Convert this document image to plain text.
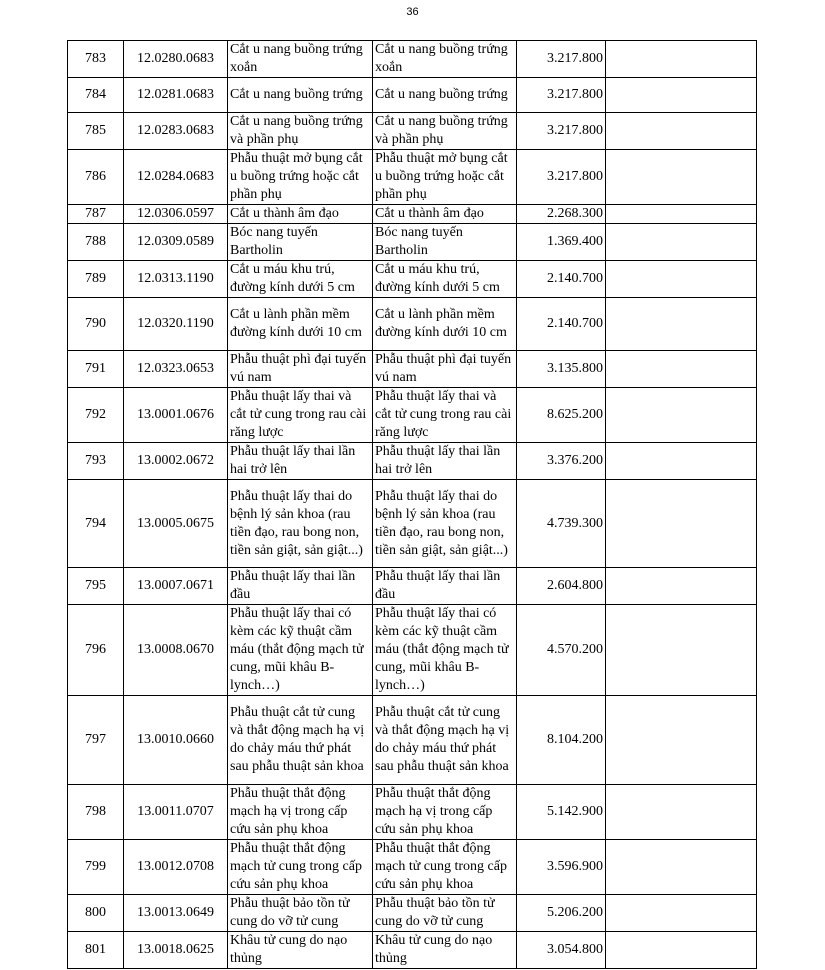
36
783	12.0280.0683	Cắt u nang buồng trứng xoắn	Cắt u nang buồng trứng xoắn	3.217.800	
784	12.0281.0683	Cắt u nang buồng trứng	Cắt u nang buồng trứng	3.217.800	
785	12.0283.0683	Cắt u nang buồng trứng và phần phụ	Cắt u nang buồng trứng và phần phụ	3.217.800	
786	12.0284.0683	Phẫu thuật mở bụng cắt u buồng trứng hoặc cắt phần phụ	Phẫu thuật mở bụng cắt u buồng trứng hoặc cắt phần phụ	3.217.800	
787	12.0306.0597	Cắt u thành âm đạo	Cắt u thành âm đạo	2.268.300	
788	12.0309.0589	Bóc nang tuyến Bartholin	Bóc nang tuyến Bartholin	1.369.400	
789	12.0313.1190	Cắt u máu khu trú, đường kính dưới 5 cm	Cắt u máu khu trú, đường kính dưới 5 cm	2.140.700	
790	12.0320.1190	Cắt u lành phần mềm đường kính dưới 10 cm	Cắt u lành phần mềm đường kính dưới 10 cm	2.140.700	
791	12.0323.0653	Phẫu thuật phì đại tuyến vú nam	Phẫu thuật phì đại tuyến vú nam	3.135.800	
792	13.0001.0676	Phẫu thuật lấy thai và cắt tử cung trong rau cài răng lược	Phẫu thuật lấy thai và cắt tử cung trong rau cài răng lược	8.625.200	
793	13.0002.0672	Phẫu thuật lấy thai lần hai trở lên	Phẫu thuật lấy thai lần hai trở lên	3.376.200	
794	13.0005.0675	Phẫu thuật lấy thai do bệnh lý sản khoa (rau tiền đạo, rau bong non, tiền sản giật, sản giật...)	Phẫu thuật lấy thai do bệnh lý sản khoa (rau tiền đạo, rau bong non, tiền sản giật, sản giật...)	4.739.300	
795	13.0007.0671	Phẫu thuật lấy thai lần đầu	Phẫu thuật lấy thai lần đầu	2.604.800	
796	13.0008.0670	Phẫu thuật lấy thai có kèm các kỹ thuật cầm máu (thắt động mạch tử cung, mũi khâu B-lynch…)	Phẫu thuật lấy thai có kèm các kỹ thuật cầm máu (thắt động mạch tử cung, mũi khâu B-lynch…)	4.570.200	
797	13.0010.0660	Phẫu thuật cắt tử cung và thắt động mạch hạ vị do chảy máu thứ phát sau phẫu thuật sản khoa	Phẫu thuật cắt tử cung và thắt động mạch hạ vị do chảy máu thứ phát sau phẫu thuật sản khoa	8.104.200	
798	13.0011.0707	Phẫu thuật thắt động mạch hạ vị trong cấp cứu sản phụ khoa	Phẫu thuật thắt động mạch hạ vị trong cấp cứu sản phụ khoa	5.142.900	
799	13.0012.0708	Phẫu thuật thắt động mạch tử cung trong cấp cứu sản phụ khoa	Phẫu thuật thắt động mạch tử cung trong cấp cứu sản phụ khoa	3.596.900	
800	13.0013.0649	Phẫu thuật bảo tồn tử cung do vỡ tử cung	Phẫu thuật bảo tồn tử cung do vỡ tử cung	5.206.200	
801	13.0018.0625	Khâu tử cung do nạo thủng	Khâu tử cung do nạo thủng	3.054.800	
